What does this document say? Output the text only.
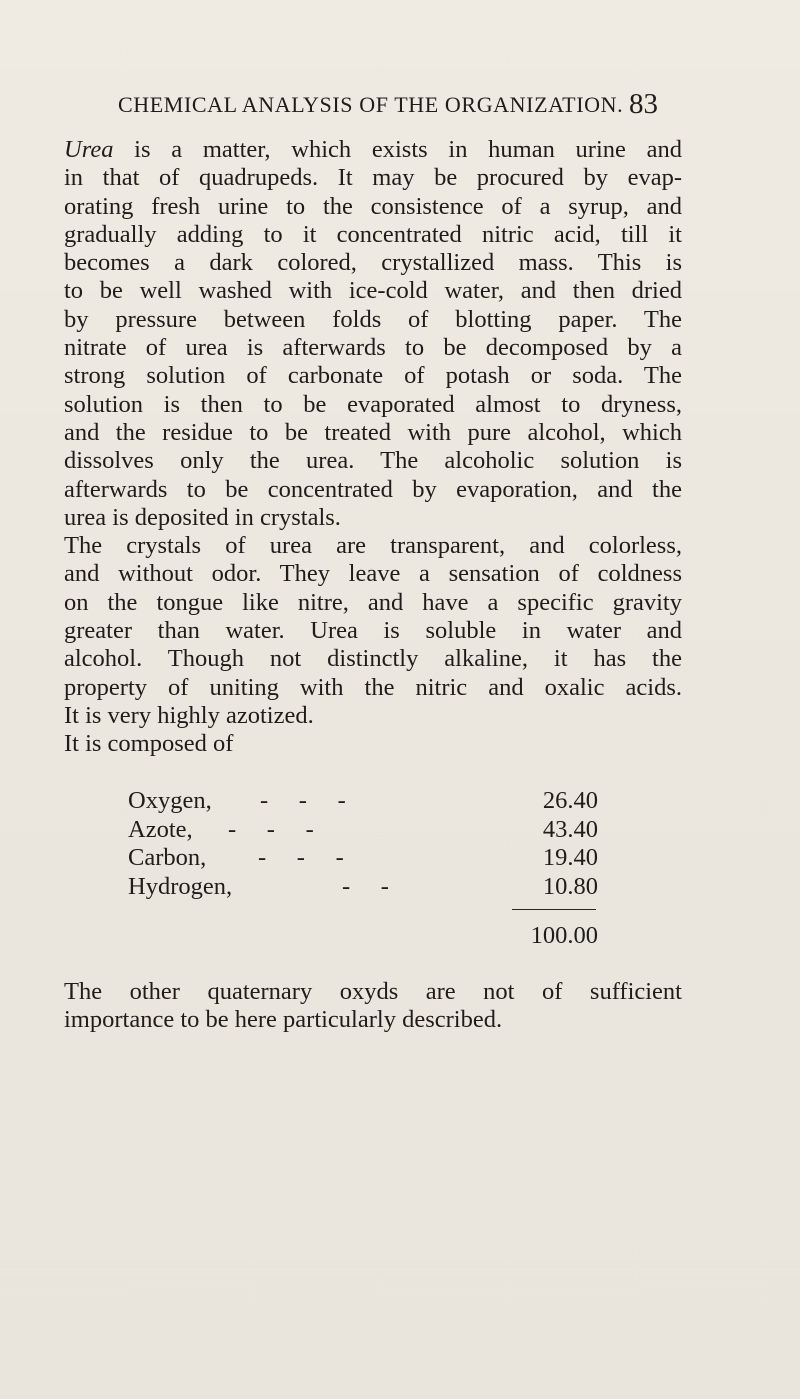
CHEMICAL ANALYSIS OF THE ORGANIZATION. 83

Urea is a matter, which exists in human urine and
in that of quadrupeds. It may be procured by evap-
orating fresh urine to the consistence of a syrup, and
gradually adding to it concentrated nitric acid, till it
becomes a dark colored, crystallized mass. This is
to be well washed with ice-cold water, and then dried
by pressure between folds of blotting paper. The
nitrate of urea is afterwards to be decomposed by a
strong solution of carbonate of potash or soda. The
solution is then to be evaporated almost to dryness,
and the residue to be treated with pure alcohol, which
dissolves only the urea. The alcoholic solution is
afterwards to be concentrated by evaporation, and the
urea is deposited in crystals.

The crystals of urea are transparent, and colorless,
and without odor. They leave a sensation of coldness
on the tongue like nitre, and have a specific gravity
greater than water. Urea is soluble in water and
alcohol. Though not distinctly alkaline, it has the
property of uniting with the nitric and oxalic acids.
It is very highly azotized.

It is composed of

Oxygen, -     -     -	26.40
Azote, -     -     -	43.40
Carbon, -     -     -	19.40
Hydrogen,	-     -	10.80
100.00

The other quaternary oxyds are not of sufficient
importance to be here particularly described.
